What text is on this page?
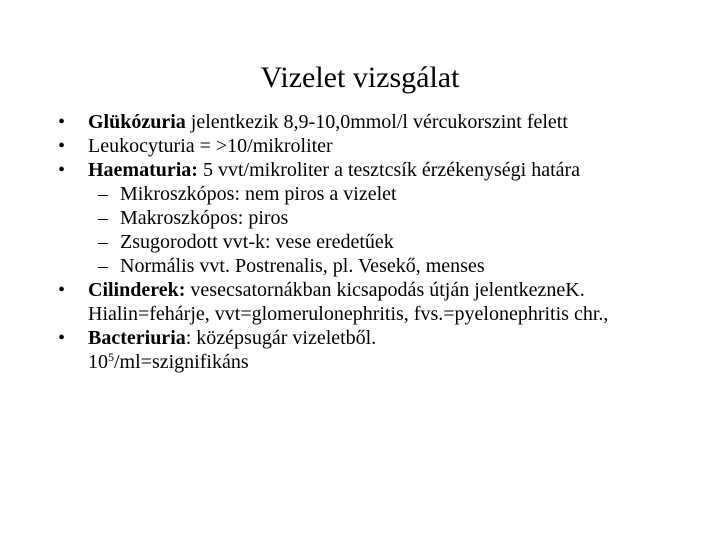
Vizelet vizsgálat
•	Glükózuria jelentkezik 8,9-10,0mmol/l vércukorszint felett
•	Leukocyturia = >10/mikroliter
•	Haematuria: 5 vvt/mikroliter a tesztcsík érzékenységi határa
– Mikroszkópos: nem piros a vizelet
– Makroszkópos: piros
– Zsugorodott vvt-k: vese eredetűek
– Normális vvt. Postrenalis, pl. Vesekő, menses
•	Cilinderek: vesecsatornákban kicsapodás útján jelentkezneK. Hialin=fehárje, vvt=glomerulonephritis, fvs.=pyelonephritis chr.,
•	Bacteriuria: középsugár vizeletből.
$10^5/ml=szignifikáns$
